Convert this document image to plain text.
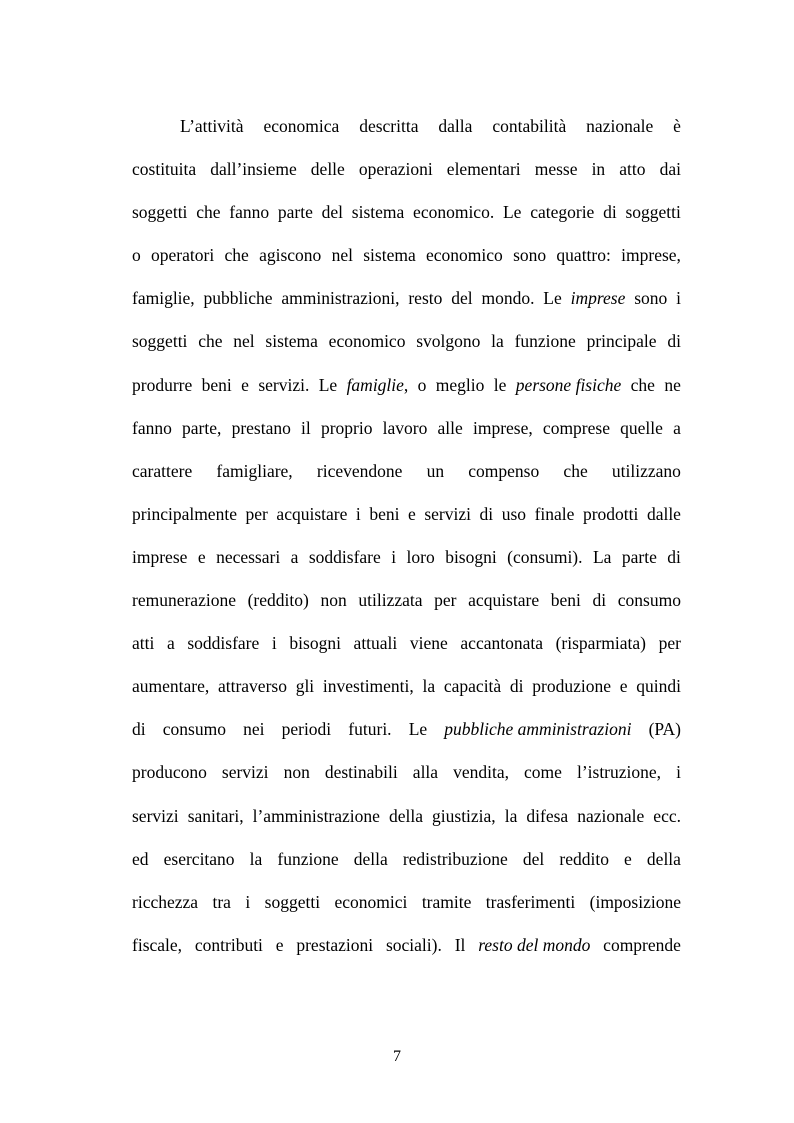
L’attività economica descritta dalla contabilità nazionale è
costituita dall’insieme delle operazioni elementari messe in atto dai
soggetti che fanno parte del sistema economico. Le categorie di soggetti
o operatori che agiscono nel sistema economico sono quattro: imprese,
famiglie, pubbliche amministrazioni, resto del mondo. Le imprese sono i
soggetti che nel sistema economico svolgono la funzione principale di
produrre beni e servizi. Le famiglie, o meglio le persone fisiche che ne
fanno parte, prestano il proprio lavoro alle imprese, comprese quelle a
carattere famigliare, ricevendone un compenso che utilizzano
principalmente per acquistare i beni e servizi di uso finale prodotti dalle
imprese e necessari a soddisfare i loro bisogni (consumi). La parte di
remunerazione (reddito) non utilizzata per acquistare beni di consumo
atti a soddisfare i bisogni attuali viene accantonata (risparmiata) per
aumentare, attraverso gli investimenti, la capacità di produzione e quindi
di consumo nei periodi futuri. Le pubbliche amministrazioni (PA)
producono servizi non destinabili alla vendita, come l’istruzione, i
servizi sanitari, l’amministrazione della giustizia, la difesa nazionale ecc.
ed esercitano la funzione della redistribuzione del reddito e della
ricchezza tra i soggetti economici tramite trasferimenti (imposizione
fiscale, contributi e prestazioni sociali). Il resto del mondo comprende
7
